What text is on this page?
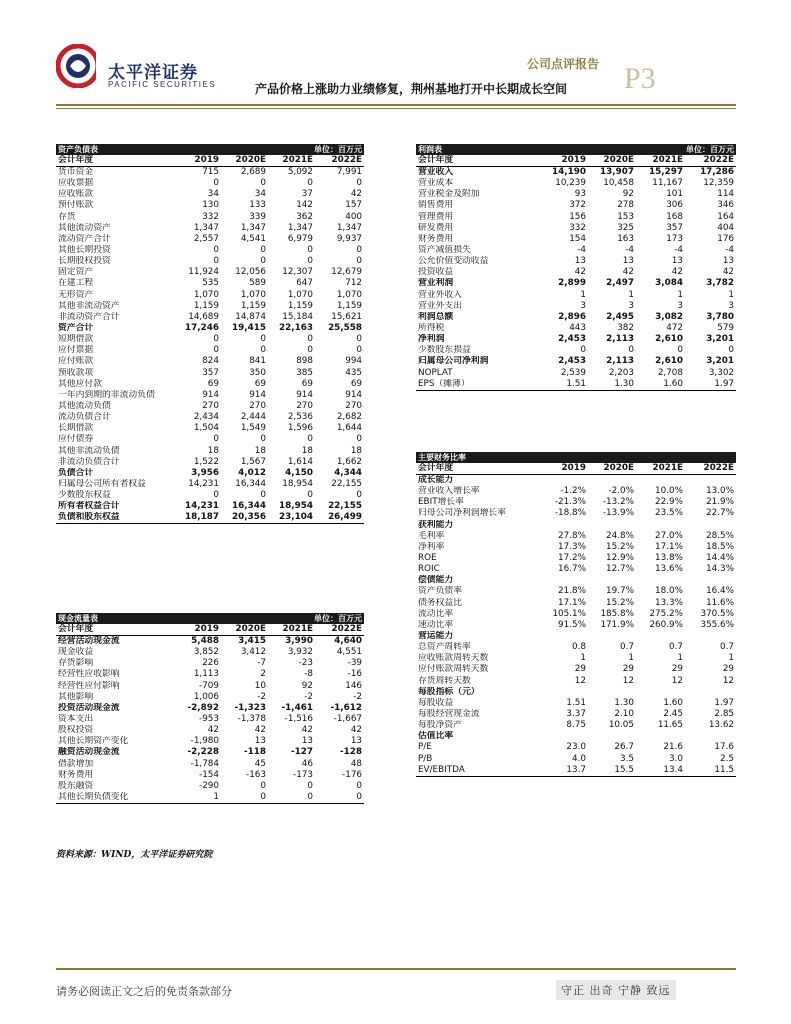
太平洋证券
PACIFIC SECURITIES
公司点评报告 P3
产品价格上涨助力业绩修复，荆州基地打开中长期成长空间
资产负债表		单位：百万元		
会计年度	2019	2020E	2021E	2022E
货币资金	715	2,689	5,092	7,991
应收票据	0	0	0	0
应收账款	34	34	37	42
预付账款	130	133	142	157
存货	332	339	362	400
其他流动资产	1,347	1,347	1,347	1,347
流动资产合计	2,557	4,541	6,979	9,937
其他长期投资	0	0	0	0
长期股权投资	0	0	0	0
固定资产	11,924	12,056	12,307	12,679
在建工程	535	589	647	712
无形资产	1,070	1,070	1,070	1,070
其他非流动资产	1,159	1,159	1,159	1,159
非流动资产合计	14,689	14,874	15,184	15,621
资产合计	17,246	19,415	22,163	25,558
短期借款	0	0	0	0
应付票据	0	0	0	0
应付账款	824	841	898	994
预收款项	357	350	385	435
其他应付款	69	69	69	69
一年内到期的非流动负债	914	914	914	914
其他流动负债	270	270	270	270
流动负债合计	2,434	2,444	2,536	2,682
长期借款	1,504	1,549	1,596	1,644
应付债券	0	0	0	0
其他非流动负债	18	18	18	18
非流动负债合计	1,522	1,567	1,614	1,662
负债合计	3,956	4,012	4,150	4,344
归属母公司所有者权益	14,231	16,344	18,954	22,155
少数股东权益	0	0	0	0
所有者权益合计	14,231	16,344	18,954	22,155
负债和股东权益	18,187	20,356	23,104	26,499
现金流量表		单位：百万元		
会计年度	2019	2020E	2021E	2022E
经营活动现金流	5,488	3,415	3,990	4,640
现金收益	3,852	3,412	3,932	4,551
存货影响	226	-7	-23	-39
经营性应收影响	1,113	2	-8	-16
经营性应付影响	-709	10	92	146
其他影响	1,006	-2	-2	-2
投资活动现金流	-2,892	-1,323	-1,461	-1,612
资本支出	-953	-1,378	-1,516	-1,667
股权投资	42	42	42	42
其他长期资产变化	-1,980	13	13	13
融资活动现金流	-2,228	-118	-127	-128
借款增加	-1,784	45	46	48
财务费用	-154	-163	-173	-176
股东融资	-290	0	0	0
其他长期负债变化	1	0	0	0
利润表		单位：百万元		
会计年度	2019	2020E	2021E	2022E
营业收入	14,190	13,907	15,297	17,286
营业成本	10,239	10,458	11,167	12,359
营业税金及附加	93	92	101	114
销售费用	372	278	306	346
管理费用	156	153	168	164
研发费用	332	325	357	404
财务费用	154	163	173	176
资产减值损失	-4	-4	-4	-4
公允价值变动收益	13	13	13	13
投资收益	42	42	42	42
营业利润	2,899	2,497	3,084	3,782
营业外收入	1	1	1	1
营业外支出	3	3	3	3
利润总额	2,896	2,495	3,082	3,780
所得税	443	382	472	579
净利润	2,453	2,113	2,610	3,201
少数股东损益	0	0	0	0
归属母公司净利润	2,453	2,113	2,610	3,201
NOPLAT	2,539	2,203	2,708	3,302
EPS（摊薄）	1.51	1.30	1.60	1.97
主要财务比率				
会计年度	2019	2020E	2021E	2022E
成长能力				
营业收入增长率	-1.2%	-2.0%	10.0%	13.0%
EBIT增长率	-21.3%	-13.2%	22.9%	21.9%
归母公司净利润增长率	-18.8%	-13.9%	23.5%	22.7%
获利能力				
毛利率	27.8%	24.8%	27.0%	28.5%
净利率	17.3%	15.2%	17.1%	18.5%
ROE	17.2%	12.9%	13.8%	14.4%
ROIC	16.7%	12.7%	13.6%	14.3%
偿债能力				
资产负债率	21.8%	19.7%	18.0%	16.4%
债务权益比	17.1%	15.2%	13.3%	11.6%
流动比率	105.1%	185.8%	275.2%	370.5%
速动比率	91.5%	171.9%	260.9%	355.6%
营运能力				
总资产周转率	0.8	0.7	0.7	0.7
应收账款周转天数	1	1	1	1
应付账款周转天数	29	29	29	29
存货周转天数	12	12	12	12
每股指标（元）				
每股收益	1.51	1.30	1.60	1.97
每股经营现金流	3.37	2.10	2.45	2.85
每股净资产	8.75	10.05	11.65	13.62
估值比率				
P/E	23.0	26.7	21.6	17.6
P/B	4.0	3.5	3.0	2.5
EV/EBITDA	13.7	15.5	13.4	11.5
资料来源：WIND，太平洋证券研究院
请务必阅读正文之后的免责条款部分	守正 出奇 宁静 致远
